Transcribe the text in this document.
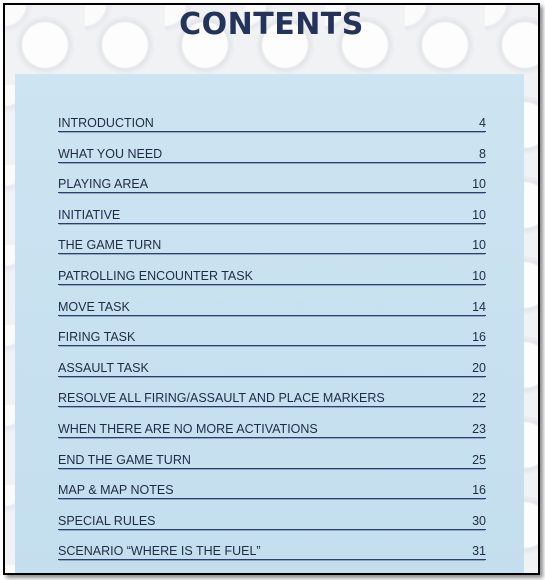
CONTENTS
INTRODUCTION	4
WHAT YOU NEED	8
PLAYING AREA	10
INITIATIVE	10
THE GAME TURN	10
PATROLLING ENCOUNTER TASK	10
MOVE TASK	14
FIRING TASK	16
ASSAULT TASK	20
RESOLVE ALL FIRING/ASSAULT AND PLACE MARKERS	22
WHEN THERE ARE NO MORE ACTIVATIONS	23
END THE GAME TURN	25
MAP & MAP NOTES	16
SPECIAL RULES	30
SCENARIO “WHERE IS THE FUEL”	31
